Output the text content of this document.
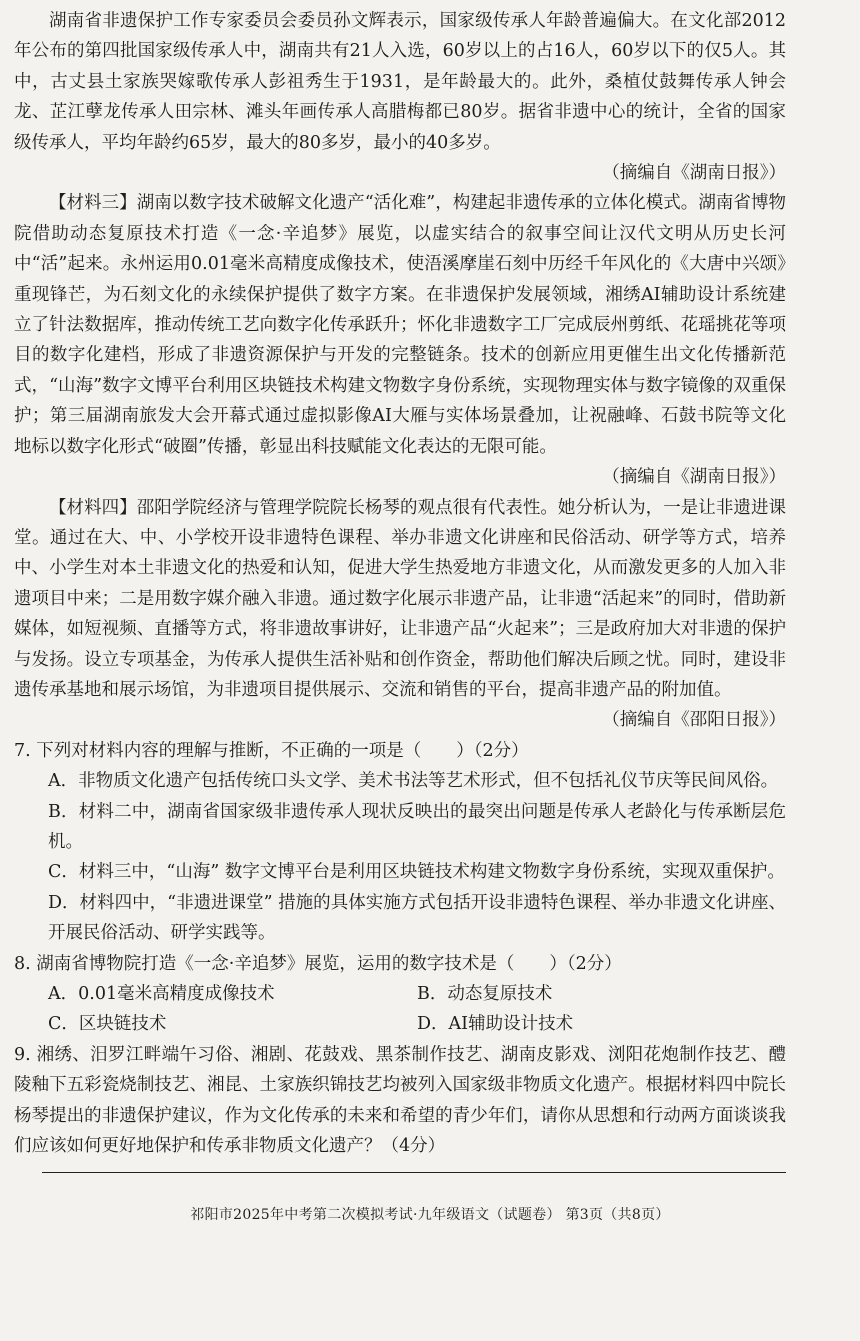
湖南省非遗保护工作专家委员会委员孙文辉表示，国家级传承人年龄普遍偏大。在文化部2012年公布的第四批国家级传承人中，湖南共有21人入选，60岁以上的占16人，60岁以下的仅5人。其中，古丈县土家族哭嫁歌传承人彭祖秀生于1931，是年龄最大的。此外，桑植仗鼓舞传承人钟会龙、芷江孽龙传承人田宗林、滩头年画传承人高腊梅都已80岁。据省非遗中心的统计，全省的国家级传承人，平均年龄约65岁，最大的80多岁，最小的40多岁。
（摘编自《湖南日报》）

【材料三】湖南以数字技术破解文化遗产“活化难”，构建起非遗传承的立体化模式。湖南省博物院借助动态复原技术打造《一念·辛追梦》展览，以虚实结合的叙事空间让汉代文明从历史长河中“活”起来。永州运用0.01毫米高精度成像技术，使浯溪摩崖石刻中历经千年风化的《大唐中兴颂》重现锋芒，为石刻文化的永续保护提供了数字方案。在非遗保护发展领域，湘绣AI辅助设计系统建立了针法数据库，推动传统工艺向数字化传承跃升；怀化非遗数字工厂完成辰州剪纸、花瑶挑花等项目的数字化建档，形成了非遗资源保护与开发的完整链条。技术的创新应用更催生出文化传播新范式，“山海”数字文博平台利用区块链技术构建文物数字身份系统，实现物理实体与数字镜像的双重保护；第三届湖南旅发大会开幕式通过虚拟影像AI大雁与实体场景叠加，让祝融峰、石鼓书院等文化地标以数字化形式“破圈”传播，彰显出科技赋能文化表达的无限可能。
（摘编自《湖南日报》）

【材料四】邵阳学院经济与管理学院院长杨琴的观点很有代表性。她分析认为，一是让非遗进课堂。通过在大、中、小学校开设非遗特色课程、举办非遗文化讲座和民俗活动、研学等方式，培养中、小学生对本土非遗文化的热爱和认知，促进大学生热爱地方非遗文化，从而激发更多的人加入非遗项目中来；二是用数字媒介融入非遗。通过数字化展示非遗产品，让非遗“活起来”的同时，借助新媒体，如短视频、直播等方式，将非遗故事讲好，让非遗产品“火起来”；三是政府加大对非遗的保护与发扬。设立专项基金，为传承人提供生活补贴和创作资金，帮助他们解决后顾之忧。同时，建设非遗传承基地和展示场馆，为非遗项目提供展示、交流和销售的平台，提高非遗产品的附加值。
（摘编自《邵阳日报》）

7. 下列对材料内容的理解与推断，不正确的一项是（　　）（2分）

A．非物质文化遗产包括传统口头文学、美术书法等艺术形式，但不包括礼仪节庆等民间风俗。

B．材料二中，湖南省国家级非遗传承人现状反映出的最突出问题是传承人老龄化与传承断层危机。

C．材料三中，“山海” 数字文博平台是利用区块链技术构建文物数字身份系统，实现双重保护。

D．材料四中，“非遗进课堂” 措施的具体实施方式包括开设非遗特色课程、举办非遗文化讲座、开展民俗活动、研学实践等。

8. 湖南省博物院打造《一念·辛追梦》展览，运用的数字技术是（　　）（2分）

A．0.01毫米高精度成像技术	B．动态复原技术
C．区块链技术	D．AI辅助设计技术

9. 湘绣、汨罗江畔端午习俗、湘剧、花鼓戏、黑茶制作技艺、湖南皮影戏、浏阳花炮制作技艺、醴陵釉下五彩瓷烧制技艺、湘昆、土家族织锦技艺均被列入国家级非物质文化遗产。根据材料四中院长杨琴提出的非遗保护建议，作为文化传承的未来和希望的青少年们，请你从思想和行动两方面谈谈我们应该如何更好地保护和传承非物质文化遗产？（4分）

祁阳市2025年中考第二次模拟考试·九年级语文（试题卷） 第3页（共8页）
